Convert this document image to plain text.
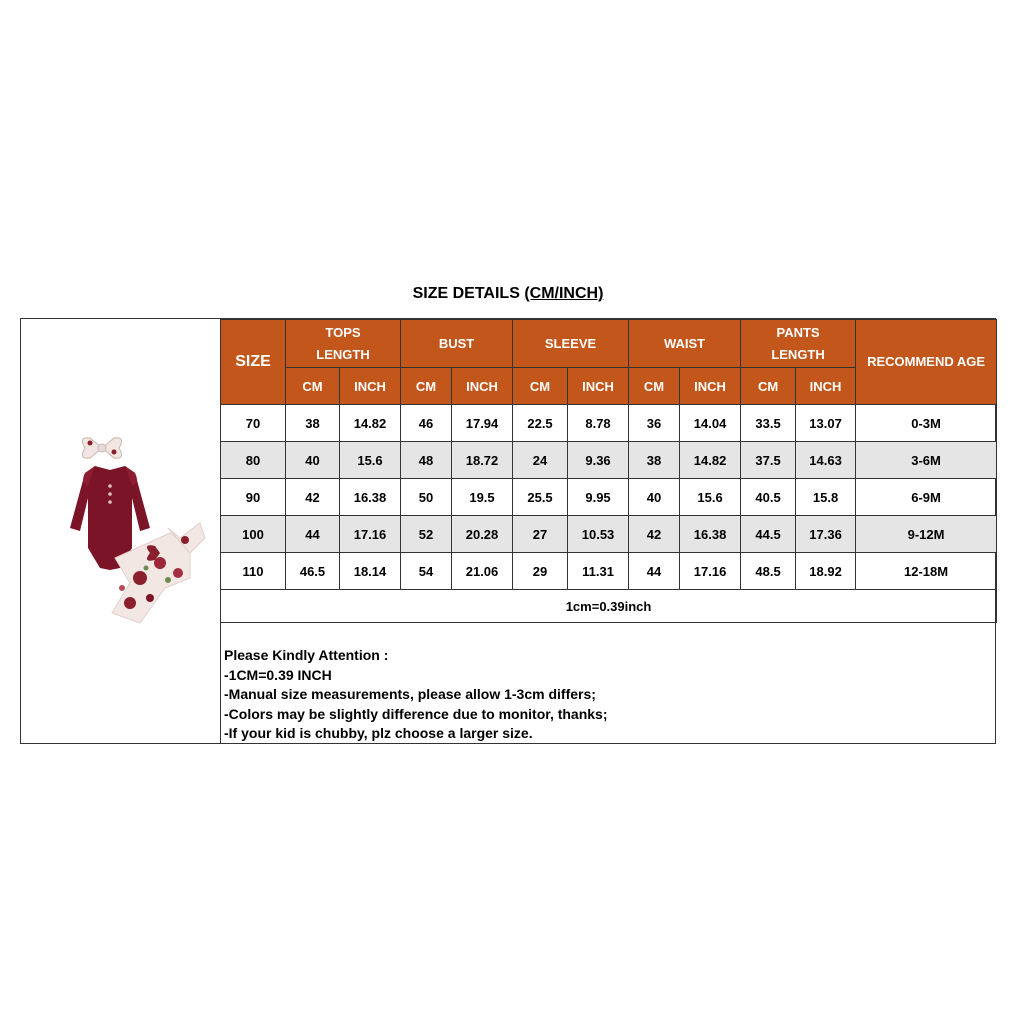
SIZE DETAILS (CM/INCH)
SIZE	TOPS LENGTH		BUST		SLEEVE		WAIST		PANTS LENGTH		RECOMMEND AGE
	CM	INCH	CM	INCH	CM	INCH	CM	INCH	CM	INCH	
70	38	14.82	46	17.94	22.5	8.78	36	14.04	33.5	13.07	0-3M
80	40	15.6	48	18.72	24	9.36	38	14.82	37.5	14.63	3-6M
90	42	16.38	50	19.5	25.5	9.95	40	15.6	40.5	15.8	6-9M
100	44	17.16	52	20.28	27	10.53	42	16.38	44.5	17.36	9-12M
110	46.5	18.14	54	21.06	29	11.31	44	17.16	48.5	18.92	12-18M
1cm=0.39inch											
Please Kindly Attention :
-1CM=0.39 INCH
-Manual size measurements, please allow 1-3cm differs;
-Colors may be slightly difference due to monitor, thanks;
-If your kid is chubby, plz choose a larger size.
